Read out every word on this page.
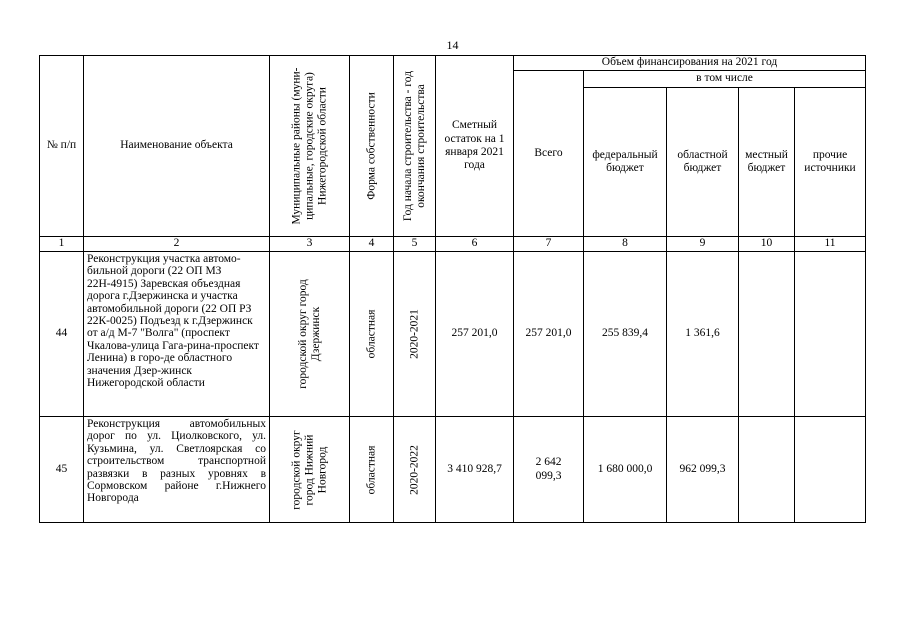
14
№ п/п	Наименование объекта	Муниципальные районы (муни-ципальные, городские округа) Нижегородской области	Форма собственности	Год начала строительства - год окончания строительства	Сметный остаток на 1 января 2021 года	Объем финансирования на 2021 год				
						Всего	в том числе			
							федеральный бюджет	областной бюджет	местный бюджет	прочие источники
1	2	3	4	5	6	7	8	9	10	11
44	Реконструкция участка автомо-бильной дороги (22 ОП МЗ 22Н-4915) Заревская объездная дорога г.Дзержинска и участка автомобильной дороги (22 ОП РЗ 22К-0025) Подъезд к г.Дзержинск от а/д М-7 "Волга" (проспект Чкалова-улица Гага-рина-проспект Ленина) в горо-де областного значения Дзер-жинск Нижегородской области	городской округ город Дзержинск	областная	2020-2021	257 201,0	257 201,0	255 839,4	1 361,6		
45	Реконструкция автомобильных дорог по ул. Циолковского, ул. Кузьмина, ул. Светлоярская со строительством транспортной развязки в разных уровнях в Сормовском районе г.Нижнего Новгорода	городской округ город Нижний Новгород	областная	2020-2022	3 410 928,7	2 642 099,3	1 680 000,0	962 099,3		
